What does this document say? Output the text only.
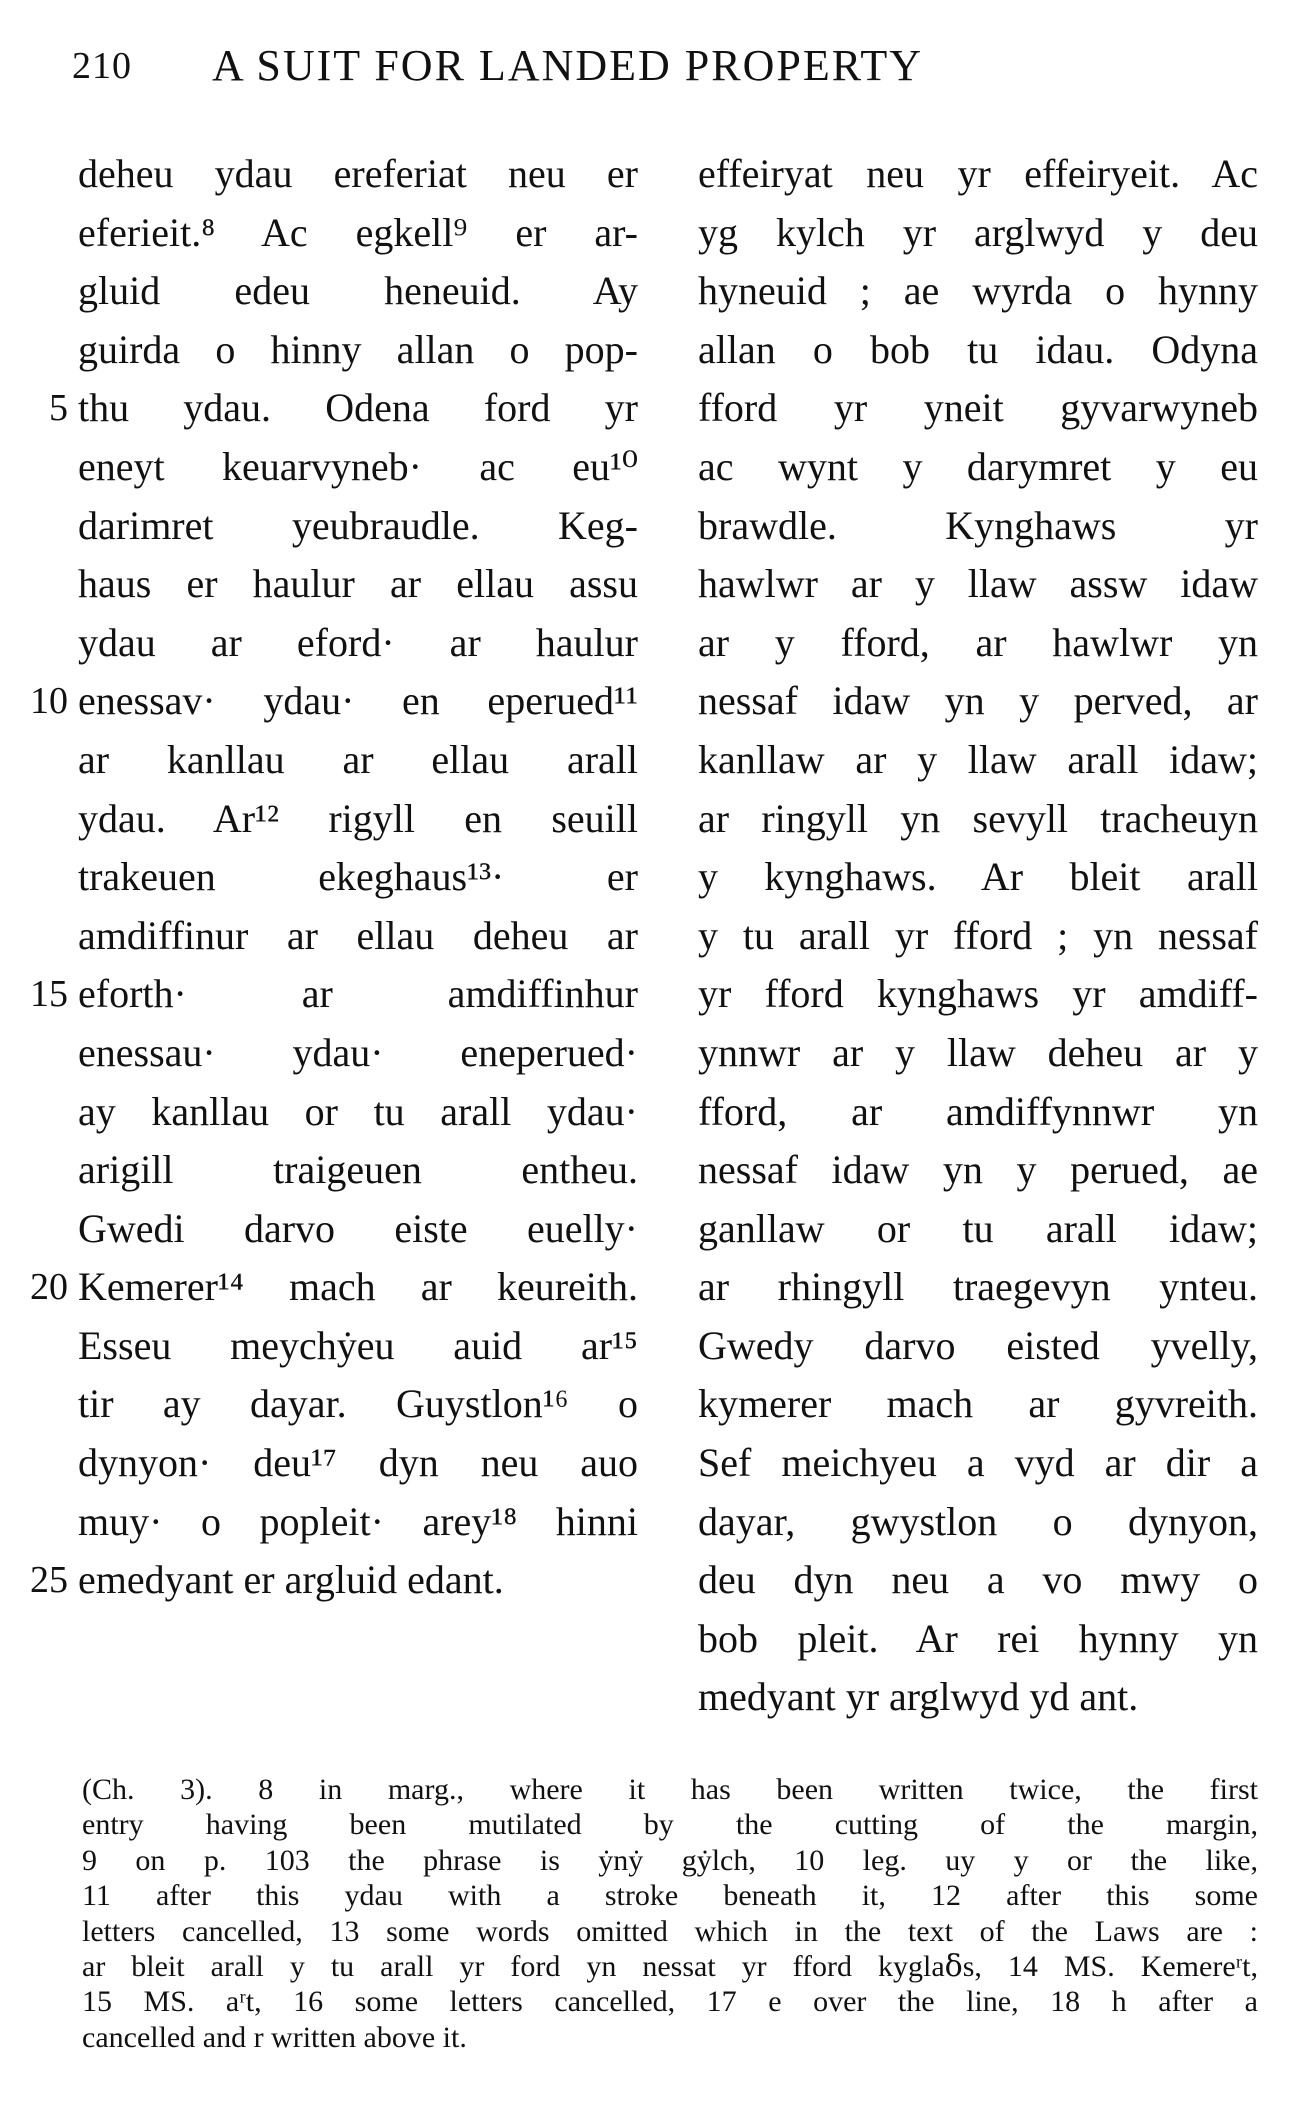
210 A SUIT FOR LANDED PROPERTY
deheu ydau ereferiat neu er
eferieit.⁸ Ac egkell⁹ er ar-
gluid edeu heneuid. Ay
guirda o hinny allan o pop-
5 thu ydau. Odena ford yr
eneyt keuarvyneb· ac eu¹⁰
darimret yeubraudle. Keg-
haus er haulur ar ellau assu
ydau ar eford· ar haulur
10 enessav· ydau· en eperued¹¹
ar kanllau ar ellau arall
ydau. Ar¹² rigyll en seuill
trakeuen ekeghaus¹³· er
amdiffinur ar ellau deheu ar
15 eforth· ar amdiffinhur
enessau· ydau· eneperued·
ay kanllau or tu arall ydau·
arigill traigeuen entheu.
Gwedi darvo eiste euelly·
20 Kemerer¹⁴ mach ar keureith.
Esseu meychẏeu auid ar¹⁵
tir ay dayar. Guystlon¹⁶ o
dynyon· deu¹⁷ dyn neu auo
muy· o popleit· arey¹⁸ hinni
25 emedyant er argluid edant.
effeiryat neu yr effeiryeit. Ac
yg kylch yr arglwyd y deu
hyneuid ; ae wyrda o hynny
allan o bob tu idau. Odyna
fford yr yneit gyvarwyneb
ac wynt y darymret y eu
brawdle. Kynghaws yr
hawlwr ar y llaw assw idaw
ar y fford, ar hawlwr yn
nessaf idaw yn y perved, ar
kanllaw ar y llaw arall idaw;
ar ringyll yn sevyll tracheuyn
y kynghaws. Ar bleit arall
y tu arall yr fford ; yn nessaf
yr fford kynghaws yr amdiff-
ynnwr ar y llaw deheu ar y
fford, ar amdiffynnwr yn
nessaf idaw yn y perued, ae
ganllaw or tu arall idaw;
ar rhingyll traegevyn ynteu.
Gwedy darvo eisted yvelly,
kymerer mach ar gyvreith.
Sef meichyeu a vyd ar dir a
dayar, gwystlon o dynyon,
deu dyn neu a vo mwy o
bob pleit. Ar rei hynny yn
medyant yr arglwyd yd ant.
(Ch. 3). 8 in marg., where it has been written twice, the first
entry having been mutilated by the cutting of the margin,
9 on p. 103 the phrase is ẏnẏ gẏlch, 10 leg. uy y or the like,
11 after this ydau with a stroke beneath it, 12 after this some
letters cancelled, 13 some words omitted which in the text of the Laws are :
ar bleit arall y tu arall yr ford yn nessat yr fford kyglaẟs, 14 MS. Kemereʳt,
15 MS. aʳt, 16 some letters cancelled, 17 e over the line, 18 h after a
cancelled and r written above it.
